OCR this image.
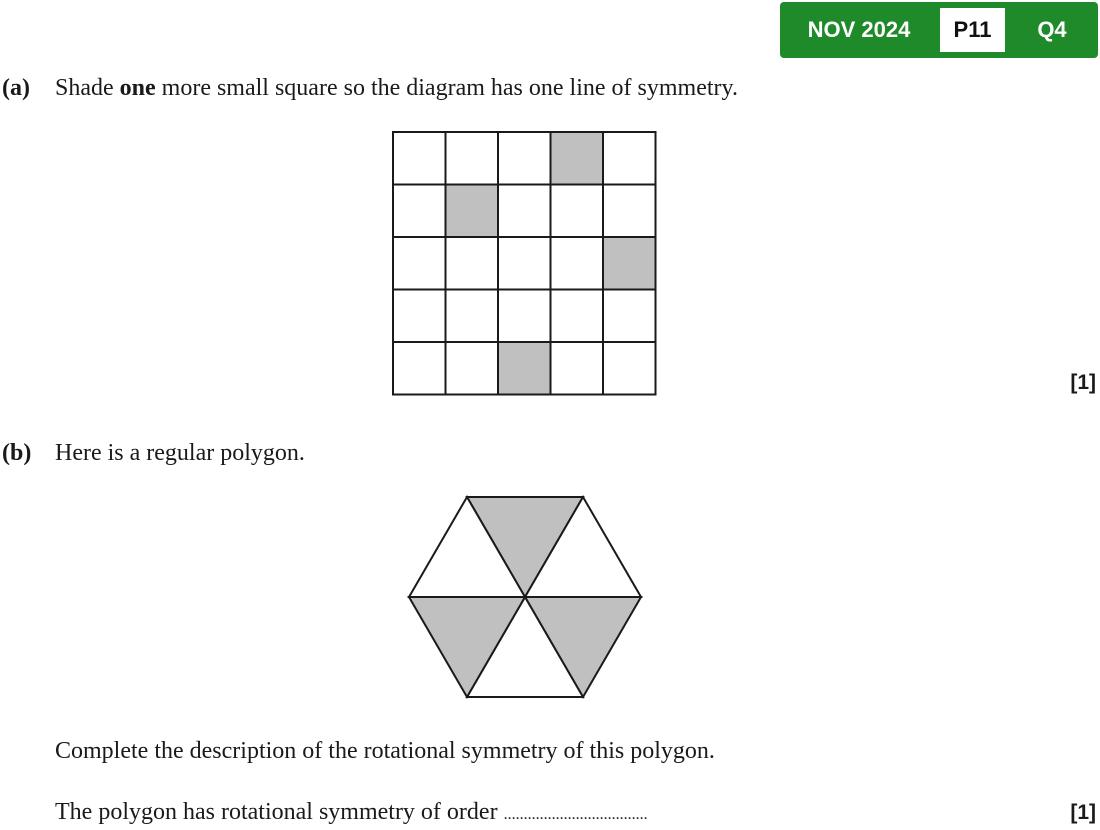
NOV 2024	P11	Q4
(a) Shade one more small square so the diagram has one line of symmetry.
[1]
(b) Here is a regular polygon.
Complete the description of the rotational symmetry of this polygon.
The polygon has rotational symmetry of order ....................................	[1]
